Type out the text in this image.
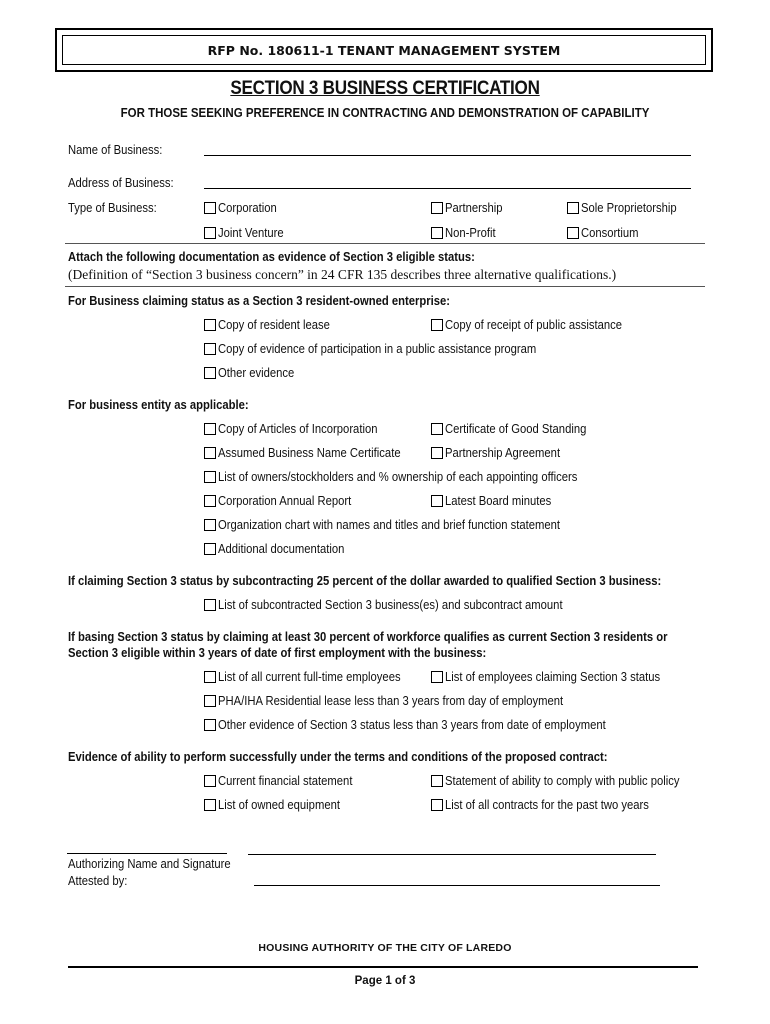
RFP No. 180611-1 TENANT MANAGEMENT SYSTEM
SECTION 3 BUSINESS CERTIFICATION
FOR THOSE SEEKING PREFERENCE IN CONTRACTING AND DEMONSTRATION OF CAPABILITY
Name of Business:
Address of Business:
Type of Business:	Corporation	Partnership	Sole Proprietorship
Joint Venture	Non-Profit	Consortium
Attach the following documentation as evidence of Section 3 eligible status:
(Definition of “Section 3 business concern” in 24 CFR 135 describes three alternative qualifications.)
For Business claiming status as a Section 3 resident-owned enterprise:
Copy of resident lease	Copy of receipt of public assistance
Copy of evidence of participation in a public assistance program
Other evidence
For business entity as applicable:
Copy of Articles of Incorporation	Certificate of Good Standing
Assumed Business Name Certificate	Partnership Agreement
List of owners/stockholders and % ownership of each appointing officers
Corporation Annual Report	Latest Board minutes
Organization chart with names and titles and brief function statement
Additional documentation
If claiming Section 3 status by subcontracting 25 percent of the dollar awarded to qualified Section 3 business:
List of subcontracted Section 3 business(es) and subcontract amount
If basing Section 3 status by claiming at least 30 percent of workforce qualifies as current Section 3 residents or
Section 3 eligible within 3 years of date of first employment with the business:
List of all current full-time employees	List of employees claiming Section 3 status
PHA/IHA Residential lease less than 3 years from day of employment
Other evidence of Section 3 status less than 3 years from date of employment
Evidence of ability to perform successfully under the terms and conditions of the proposed contract:
Current financial statement	Statement of ability to comply with public policy
List of owned equipment	List of all contracts for the past two years
Authorizing Name and Signature
Attested by:
HOUSING AUTHORITY OF THE CITY OF LAREDO
Page 1 of 3
